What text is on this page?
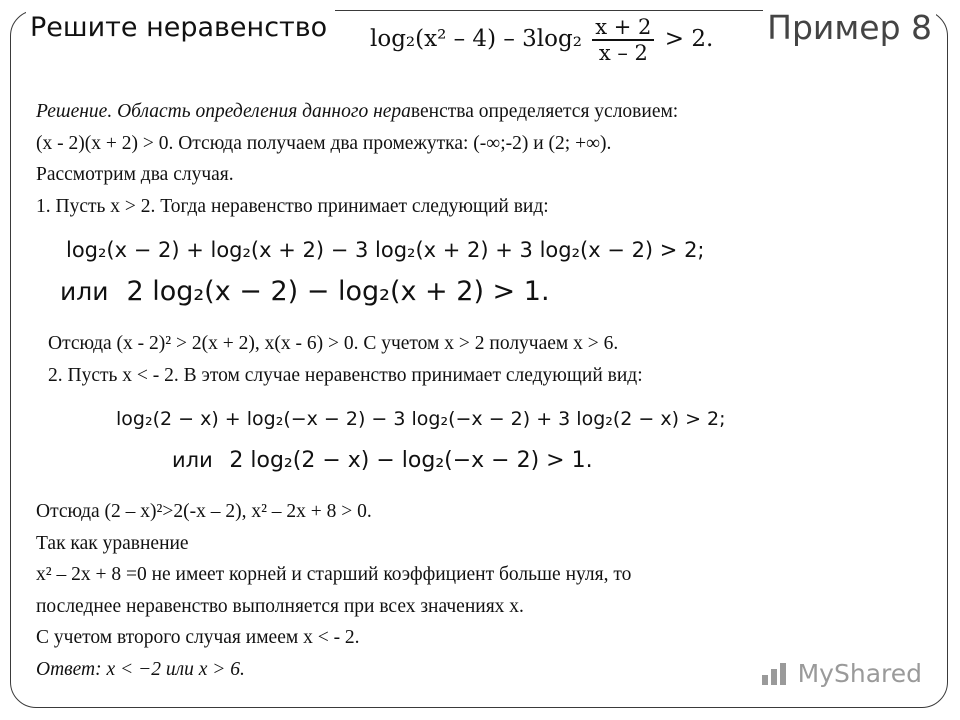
Решите неравенство	Пример 8
$\log_2(x^2 - 4) - 3\log_2 \frac{x + 2}{x - 2} > 2$.

Решение. Область определения данного неравенства определяется условием:

(x - 2)(x + 2) > 0. Отсюда получаем два промежутка: (-∞;-2) и (2; +∞).

Рассмотрим два случая.

1. Пусть x > 2. Тогда неравенство принимает следующий вид:

log₂(x − 2) + log₂(x + 2) − 3 log₂(x + 2) + 3 log₂(x − 2) > 2;
или 2 log₂(x − 2) − log₂(x + 2) > 1.

Отсюда (x - 2)² > 2(x + 2), x(x - 6) > 0. С учетом x > 2 получаем x > 6.

2. Пусть x < - 2. В этом случае неравенство принимает следующий вид:

log₂(2 − x) + log₂(−x − 2) − 3 log₂(−x − 2) + 3 log₂(2 − x) > 2;
или 2 log₂(2 − x) − log₂(−x − 2) > 1.

Отсюда (2 – x)²>2(-x – 2), x² – 2x + 8 > 0.

Так как уравнение

x² – 2x + 8 =0 не имеет корней и старший коэффициент больше нуля, то

последнее неравенство выполняется при всех значениях x.

С учетом второго случая имеем x < - 2.

Ответ: x < −2 или x > 6.	MyShared
